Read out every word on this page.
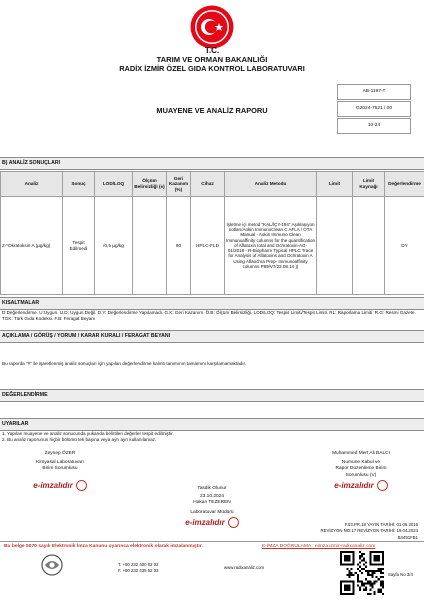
T.C.
TARIM VE ORMAN BAKANLIĞI
RADİX İZMİR ÖZEL GIDA KONTROL LABORATUVARI
AB-1197-T
G2024-7521 / 00
10-24
MUAYENE VE ANALİZ RAPORU
B) ANALİZ SONUÇLARI
Analiz	Sonuç	LOD/LOQ	Ölçüm Belirsizliği (±)	Geri Kazanım (%)	Cihaz	Analiz Metodu	Limit	Limit Kaynağı	Değerlendirme
2-*Okratoksin A (µg/kg)	Tespit Edilmedi	/0,5 µg/kg		90	HPLC-FLD	İşletme içi metod "KAL/İÇY-194" Aşıklaşıyon notları/Aokin ImmunoClean C AFLA / OTA Manual - Aokin Immuno Clean Immunoaffinity columns for the quantification of Aflatoxin total and Ochratoxin-AG-01/2018 - R-Biopharm Typical HPLC Trace for Analysis of Aflatoxins and Ochratoxin A Using Aflaochra Prep- Immunoaffinity columns P89/V7/22.08.14 ))			DY
KISALTMALAR
D:Değerlendirme. U:Uygun. U.D: Uygun Değil. D.Y: Değerlendirme Yapılamadı. G.K: Geri Kazanım. Ö.B: Ölçüm Belirsizliği. LOD/LOQ: Tespis Limiti/Tespit Limiti. RL: Raporlama Limiti. R.G: Resmi Gazete. TGK: Türk Gıda Kodeksi. F.B: Feragat Beyanı
AÇIKLAMA / GÖRÜŞ / YORUM / KARAR KURALI / FERAGAT BEYANI
Bu raporda "#" ile işaretlenmiş analiz sonuçları için yapılan değerlendirme kalıntı tanımının tamamını karşılamamaktadır.
DEĞERLENDİRME
UYARILAR
1. Yapılan muayene ve analiz sonucunda yukarıda belirtilen değerler tespit edilmiştir.
2. Bu analiz raporunun hiçbir bölümü tek başına veya ayrı ayrı kullanılamaz.
Zeynep ÖZER
Kimyasal Laboratuvarı
Birim Sorumlusu
e-imzalıdır
Muhammed Mert Ali BALCI
Numune Kabul ve
Rapor Düzenleme Birim
Sorumlusu (V)
e-imzalıdır
Tasdik Olunur
23.10.2024
Hakan TEZEREN
Laboratuvar Müdürü
e-imzalıdır	F.03.PR.18 YAYIN TARİHİ: 01.06.2016
REVİZYON NO:17 REVİZYON TARİHİ: 19.04.2024
B4491FB1
Bu belge 5070 sayılı Elektronik İmza Kanunu uyarınca elektronik olarak imzalanmıştır.	E-İMZA DOĞRULAMA : eimza.izmir-radixanaliz.com
T. +90 232 400 02 02
F. +90 232 435 52 03
www.radixanaliz.com
Sayfa No 3/4
